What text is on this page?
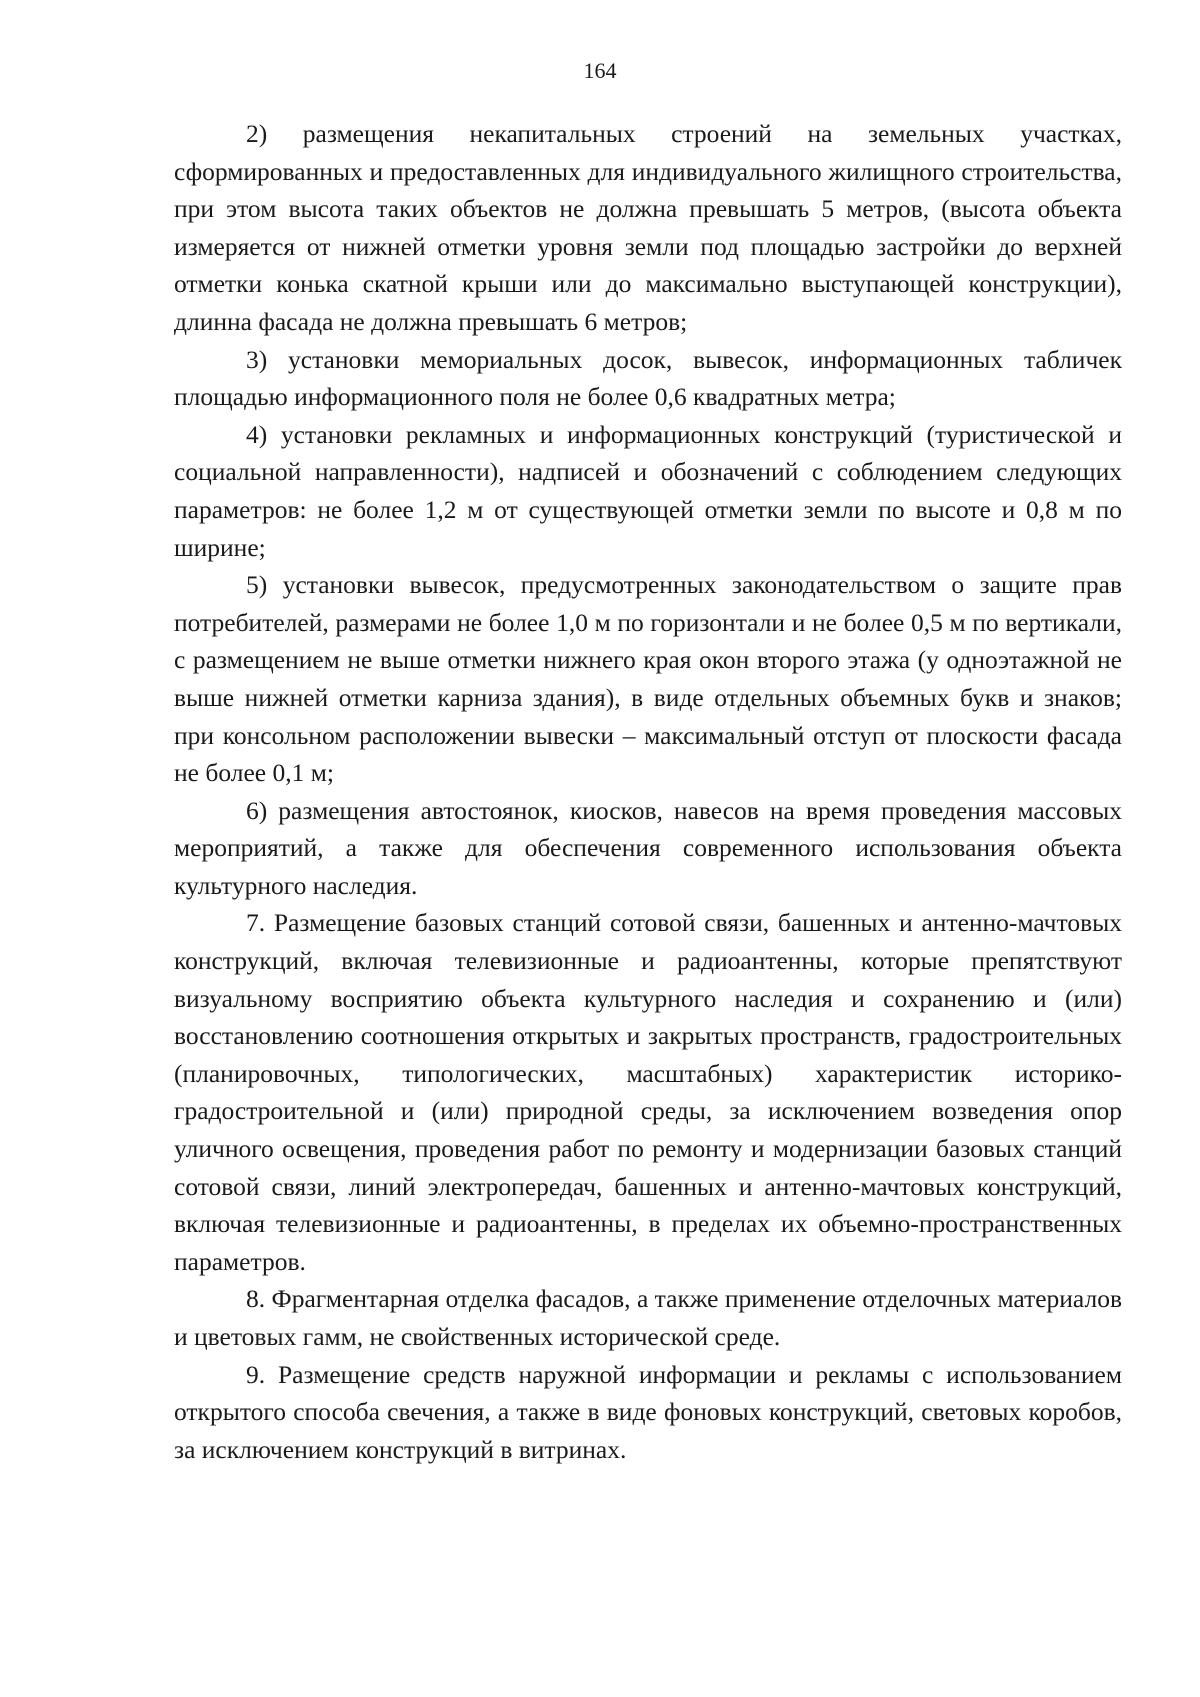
164

2) размещения некапитальных строений на земельных участках, сформированных и предоставленных для индивидуального жилищного строительства, при этом высота таких объектов не должна превышать 5 метров, (высота объекта измеряется от нижней отметки уровня земли под площадью застройки до верхней отметки конька скатной крыши или до максимально выступающей конструкции), длинна фасада не должна превышать 6 метров;

3) установки мемориальных досок, вывесок, информационных табличек площадью информационного поля не более 0,6 квадратных метра;

4) установки рекламных и информационных конструкций (туристической и социальной направленности), надписей и обозначений с соблюдением следующих параметров: не более 1,2 м от существующей отметки земли по высоте и 0,8 м по ширине;

5) установки вывесок, предусмотренных законодательством о защите прав потребителей, размерами не более 1,0 м по горизонтали и не более 0,5 м по вертикали, с размещением не выше отметки нижнего края окон второго этажа (у одноэтажной не выше нижней отметки карниза здания), в виде отдельных объемных букв и знаков; при консольном расположении вывески – максимальный отступ от плоскости фасада не более 0,1 м;

6) размещения автостоянок, киосков, навесов на время проведения массовых мероприятий, а также для обеспечения современного использования объекта культурного наследия.

7. Размещение базовых станций сотовой связи, башенных и антенно-мачтовых конструкций, включая телевизионные и радиоантенны, которые препятствуют визуальному восприятию объекта культурного наследия и сохранению и (или) восстановлению соотношения открытых и закрытых пространств, градостроительных (планировочных, типологических, масштабных) характеристик историко-градостроительной и (или) природной среды, за исключением возведения опор уличного освещения, проведения работ по ремонту и модернизации базовых станций сотовой связи, линий электропередач, башенных и антенно-мачтовых конструкций, включая телевизионные и радиоантенны, в пределах их объемно-пространственных параметров.

8. Фрагментарная отделка фасадов, а также применение отделочных материалов и цветовых гамм, не свойственных исторической среде.

9. Размещение средств наружной информации и рекламы с использованием открытого способа свечения, а также в виде фоновых конструкций, световых коробов, за исключением конструкций в витринах.
